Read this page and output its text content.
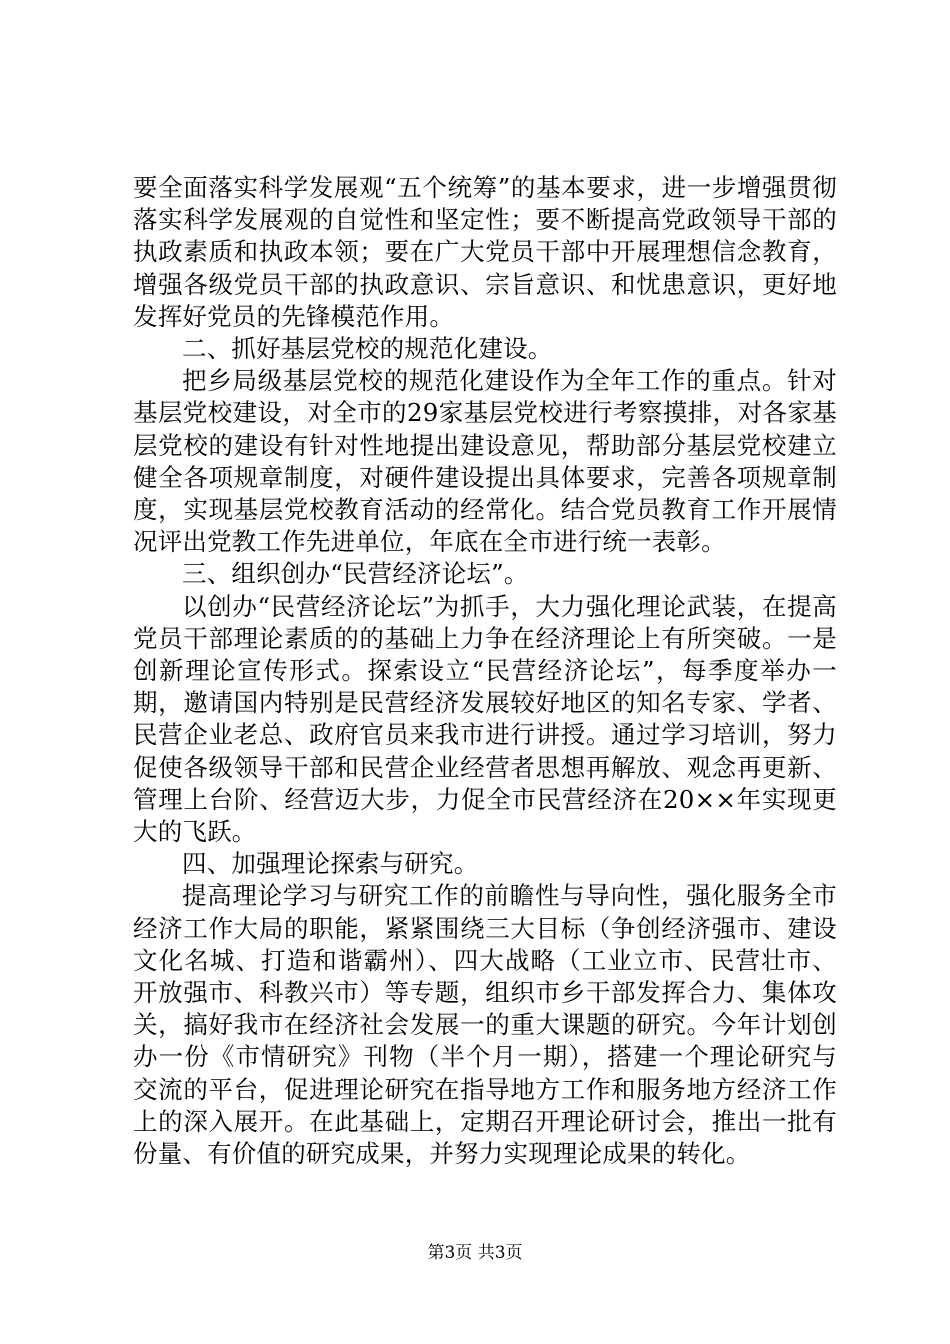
要全面落实科学发展观“五个统筹”的基本要求，进一步增强贯彻落实科学发展观的自觉性和坚定性；要不断提高党政领导干部的执政素质和执政本领；要在广大党员干部中开展理想信念教育，增强各级党员干部的执政意识、宗旨意识、和忧患意识，更好地发挥好党员的先锋模范作用。

二、抓好基层党校的规范化建设。

把乡局级基层党校的规范化建设作为全年工作的重点。针对基层党校建设，对全市的29家基层党校进行考察摸排，对各家基层党校的建设有针对性地提出建设意见，帮助部分基层党校建立健全各项规章制度，对硬件建设提出具体要求，完善各项规章制度，实现基层党校教育活动的经常化。结合党员教育工作开展情况评出党教工作先进单位，年底在全市进行统一表彰。

三、组织创办“民营经济论坛”。

以创办“民营经济论坛”为抓手，大力强化理论武装，在提高党员干部理论素质的的基础上力争在经济理论上有所突破。一是创新理论宣传形式。探索设立“民营经济论坛”，每季度举办一期，邀请国内特别是民营经济发展较好地区的知名专家、学者、民营企业老总、政府官员来我市进行讲授。通过学习培训，努力促使各级领导干部和民营企业经营者思想再解放、观念再更新、管理上台阶、经营迈大步，力促全市民营经济在20××年实现更大的飞跃。

四、加强理论探索与研究。

提高理论学习与研究工作的前瞻性与导向性，强化服务全市经济工作大局的职能，紧紧围绕三大目标（争创经济强市、建设文化名城、打造和谐霸州）、四大战略（工业立市、民营壮市、开放强市、科教兴市）等专题，组织市乡干部发挥合力、集体攻关，搞好我市在经济社会发展一的重大课题的研究。今年计划创办一份《市情研究》刊物（半个月一期），搭建一个理论研究与交流的平台，促进理论研究在指导地方工作和服务地方经济工作上的深入展开。在此基础上，定期召开理论研讨会，推出一批有份量、有价值的研究成果，并努力实现理论成果的转化。

第3页 共3页
